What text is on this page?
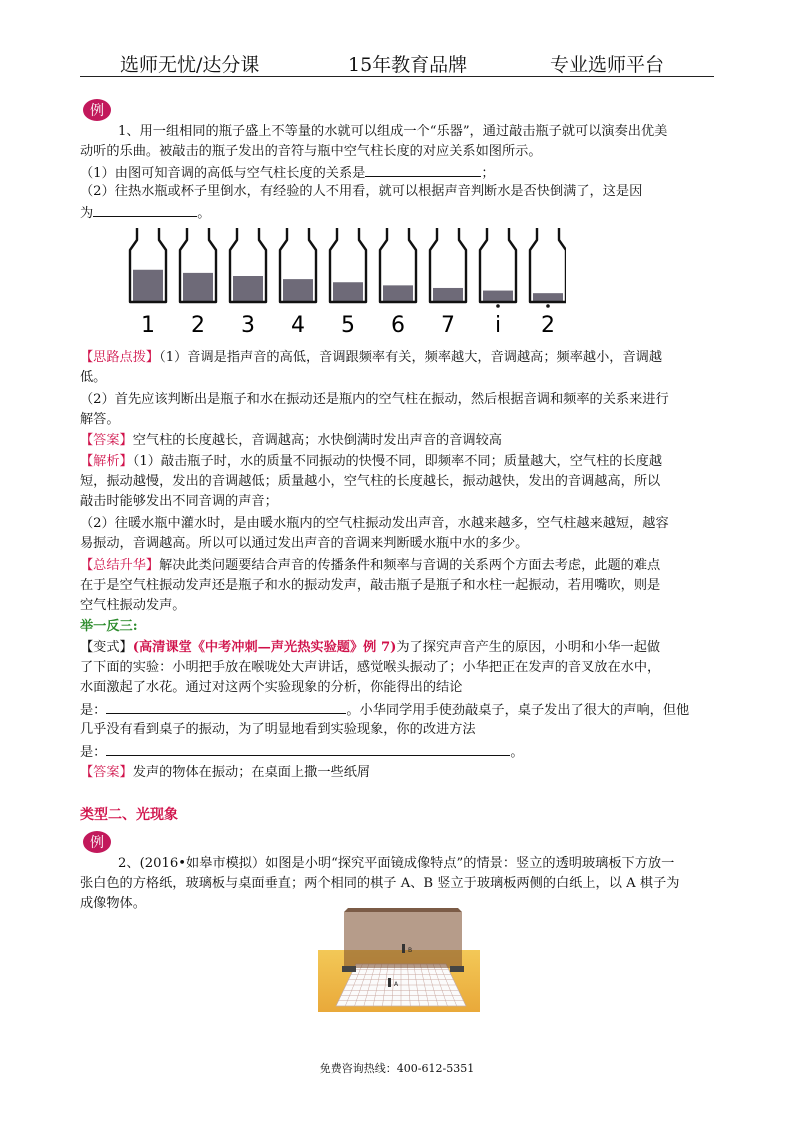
选师无忧/达分课	15年教育品牌	专业选师平台
例
1、用一组相同的瓶子盛上不等量的水就可以组成一个“乐器”，通过敲击瓶子就可以演奏出优美
动听的乐曲。被敲击的瓶子发出的音符与瓶中空气柱长度的对应关系如图所示。
（1）由图可知音调的高低与空气柱长度的关系是	；
（2）往热水瓶或杯子里倒水，有经验的人不用看，就可以根据声音判断水是否快倒满了，这是因
为	。
1 2 3 4 5 6 7 i 2
【思路点拨】（1）音调是指声音的高低，音调跟频率有关，频率越大，音调越高；频率越小，音调越
低。
（2）首先应该判断出是瓶子和水在振动还是瓶内的空气柱在振动，然后根据音调和频率的关系来进行
解答。
【答案】空气柱的长度越长，音调越高；水快倒满时发出声音的音调较高
【解析】（1）敲击瓶子时，水的质量不同振动的快慢不同，即频率不同；质量越大，空气柱的长度越
短，振动越慢，发出的音调越低；质量越小，空气柱的长度越长，振动越快，发出的音调越高，所以
敲击时能够发出不同音调的声音；
（2）往暖水瓶中灌水时，是由暖水瓶内的空气柱振动发出声音，水越来越多，空气柱越来越短，越容
易振动，音调越高。所以可以通过发出声音的音调来判断暖水瓶中水的多少。
【总结升华】解决此类问题要结合声音的传播条件和频率与音调的关系两个方面去考虑，此题的难点
在于是空气柱振动发声还是瓶子和水的振动发声，敲击瓶子是瓶子和水柱一起振动，若用嘴吹，则是
空气柱振动发声。
举一反三:
【变式】(高清课堂《中考冲刺—声光热实验题》例 7)为了探究声音产生的原因，小明和小华一起做
了下面的实验：小明把手放在喉咙处大声讲话，感觉喉头振动了；小华把正在发声的音叉放在水中，
水面激起了水花。通过对这两个实验现象的分析，你能得出的结论
是：	。小华同学用手使劲敲桌子，桌子发出了很大的声响，但他
几乎没有看到桌子的振动，为了明显地看到实验现象，你的改进方法
是：	。
【答案】发声的物体在振动；在桌面上撒一些纸屑
类型二、光现象
例
2、(2016•如皋市模拟）如图是小明“探究平面镜成像特点”的情景：竖立的透明玻璃板下方放一
张白色的方格纸，玻璃板与桌面垂直；两个相同的棋子 A、B 竖立于玻璃板两侧的白纸上，以 A 棋子为
成像物体。
B
A
免费咨询热线：400-612-5351
